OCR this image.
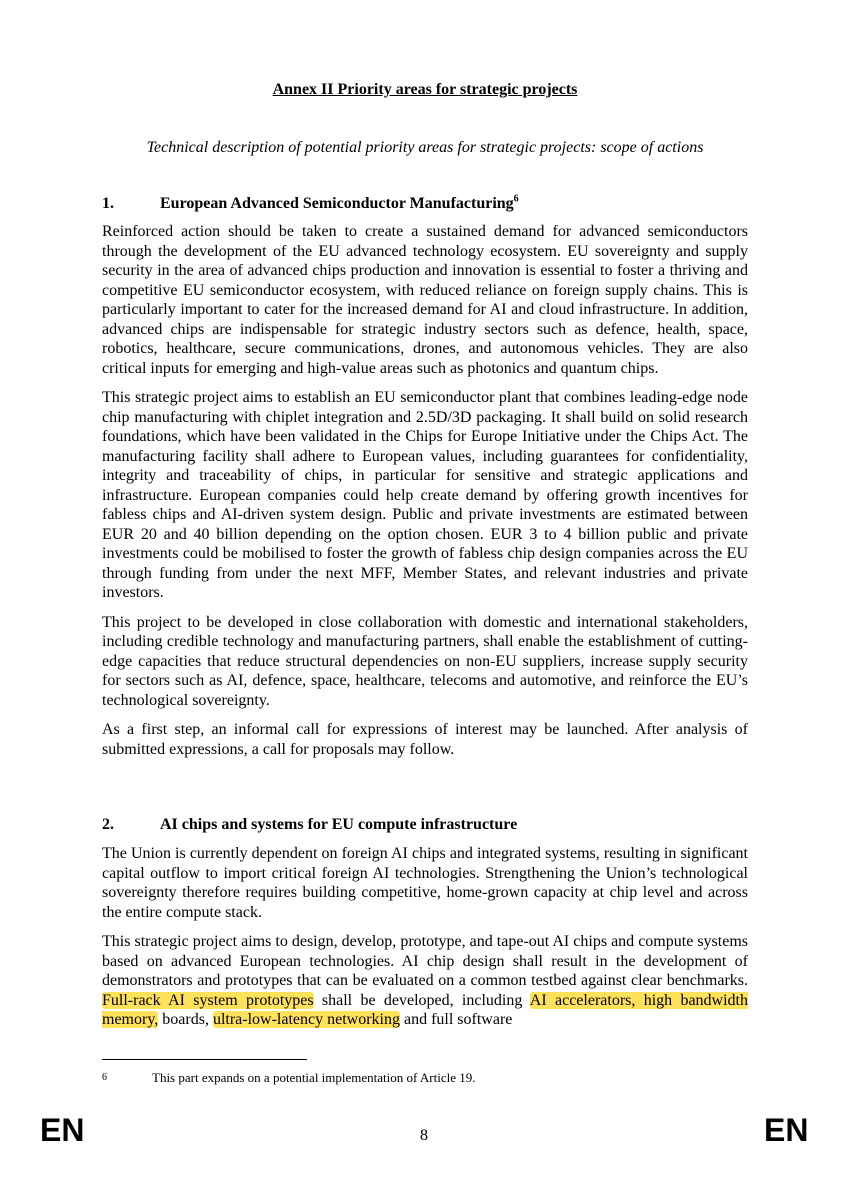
Annex II Priority areas for strategic projects
Technical description of potential priority areas for strategic projects: scope of actions
1.	European Advanced Semiconductor Manufacturing$^6$

Reinforced action should be taken to create a sustained demand for advanced semiconductors through the development of the EU advanced technology ecosystem. EU sovereignty and supply security in the area of advanced chips production and innovation is essential to foster a thriving and competitive EU semiconductor ecosystem, with reduced reliance on foreign supply chains. This is particularly important to cater for the increased demand for AI and cloud infrastructure. In addition, advanced chips are indispensable for strategic industry sectors such as defence, health, space, robotics, healthcare, secure communications, drones, and autonomous vehicles. They are also critical inputs for emerging and high-value areas such as photonics and quantum chips.

This strategic project aims to establish an EU semiconductor plant that combines leading-edge node chip manufacturing with chiplet integration and 2.5D/3D packaging. It shall build on solid research foundations, which have been validated in the Chips for Europe Initiative under the Chips Act. The manufacturing facility shall adhere to European values, including guarantees for confidentiality, integrity and traceability of chips, in particular for sensitive and strategic applications and infrastructure. European companies could help create demand by offering growth incentives for fabless chips and AI-driven system design. Public and private investments are estimated between EUR 20 and 40 billion depending on the option chosen. EUR 3 to 4 billion public and private investments could be mobilised to foster the growth of fabless chip design companies across the EU through funding from under the next MFF, Member States, and relevant industries and private investors.

This project to be developed in close collaboration with domestic and international stakeholders, including credible technology and manufacturing partners, shall enable the establishment of cutting-edge capacities that reduce structural dependencies on non-EU suppliers, increase supply security for sectors such as AI, defence, space, healthcare, telecoms and automotive, and reinforce the EU’s technological sovereignty.

As a first step, an informal call for expressions of interest may be launched. After analysis of submitted expressions, a call for proposals may follow.

2.	AI chips and systems for EU compute infrastructure

The Union is currently dependent on foreign AI chips and integrated systems, resulting in significant capital outflow to import critical foreign AI technologies. Strengthening the Union’s technological sovereignty therefore requires building competitive, home-grown capacity at chip level and across the entire compute stack.

This strategic project aims to design, develop, prototype, and tape-out AI chips and compute systems based on advanced European technologies. AI chip design shall result in the development of demonstrators and prototypes that can be evaluated on a common testbed against clear benchmarks. Full-rack AI system prototypes shall be developed, including AI accelerators, high bandwidth memory, boards, ultra-low-latency networking and full software

6	This part expands on a potential implementation of Article 19.
EN	8	EN
